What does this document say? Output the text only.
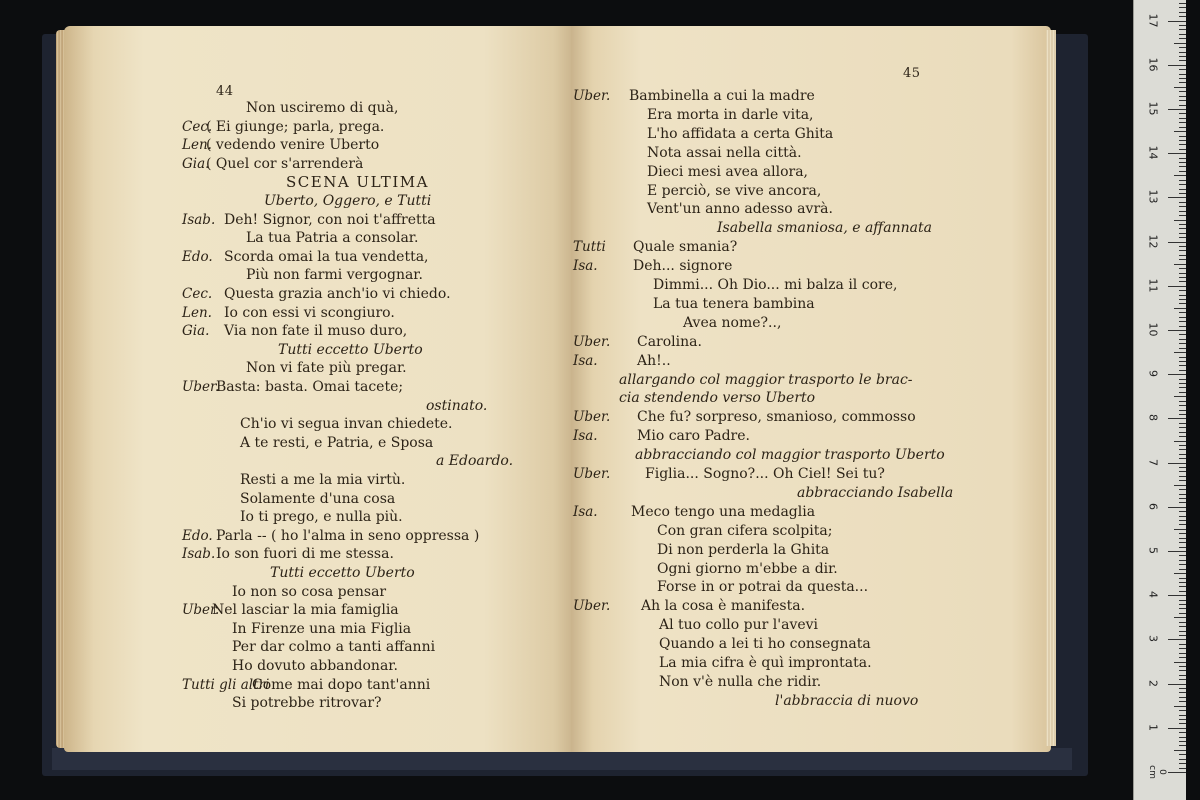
44
Non usciremo di quà,
Cec.
( Ei giunge; parla, prega.
Len.
( vedendo venire Uberto
Gia.
( Quel cor s'arrenderà
SCENA ULTIMA
Uberto, Oggero, e Tutti
Isab. Deh! Signor, con noi t'affretta
La tua Patria a consolar.
Edo. Scorda omai la tua vendetta,
Più non farmi vergognar.
Cec. Questa grazia anch'io vi chiedo.
Len. Io con essi vi scongiuro.
Gia. Via non fate il muso duro,
Tutti eccetto Uberto
Non vi fate più pregar.
Uber.
Basta: basta. Omai tacete;
ostinato.
Ch'io vi segua invan chiedete.
A te resti, e Patria, e Sposa
a Edoardo.
Resti a me la mia virtù.
Solamente d'una cosa
Io ti prego, e nulla più.
Edo. Parla -- ( ho l'alma in seno oppressa )
Isab. Io son fuori di me stessa.
Tutti eccetto Uberto
Io non so cosa pensar
Uber.
Nel lasciar la mia famiglia
In Firenze una mia Figlia
Per dar colmo a tanti affanni
Ho dovuto abbandonar.
Tutti gli altri
Come mai dopo tant'anni
Si potrebbe ritrovar?
45
Uber. Bambinella a cui la madre
Era morta in darle vita,
L'ho affidata a certa Ghita
Nota assai nella città.
Dieci mesi avea allora,
E perciò, se vive ancora,
Vent'un anno adesso avrà.
Isabella smaniosa, e affannata
Tutti Quale smania?
Isa.	Deh... signore
Dimmi... Oh Dio... mi balza il core,
La tua tenera bambina
Avea nome?..,
Uber. Carolina.
Isa.	Ah!..
allargando col maggior trasporto le brac-
cia stendendo verso Uberto
Uber. Che fu? sorpreso, smanioso, commosso
Isa.	Mio caro Padre.
abbracciando col maggior trasporto Uberto
Uber. Figlia... Sogno?... Oh Ciel! Sei tu?
abbracciando Isabella
Isa. Meco tengo una medaglia
Con gran cifera scolpita;
Di non perderla la Ghita
Ogni giorno m'ebbe a dir.
Forse in or potrai da questa...
Uber. Ah la cosa è manifesta.
Al tuo collo pur l'avevi
Quando a lei ti ho consegnata
La mia cifra è quì improntata.
Non v'è nulla che ridir.
l'abbraccia di nuovo
17
16
15
14
13
12
11
10
9
8
7
6
5
4
3
2
1
0 cm
